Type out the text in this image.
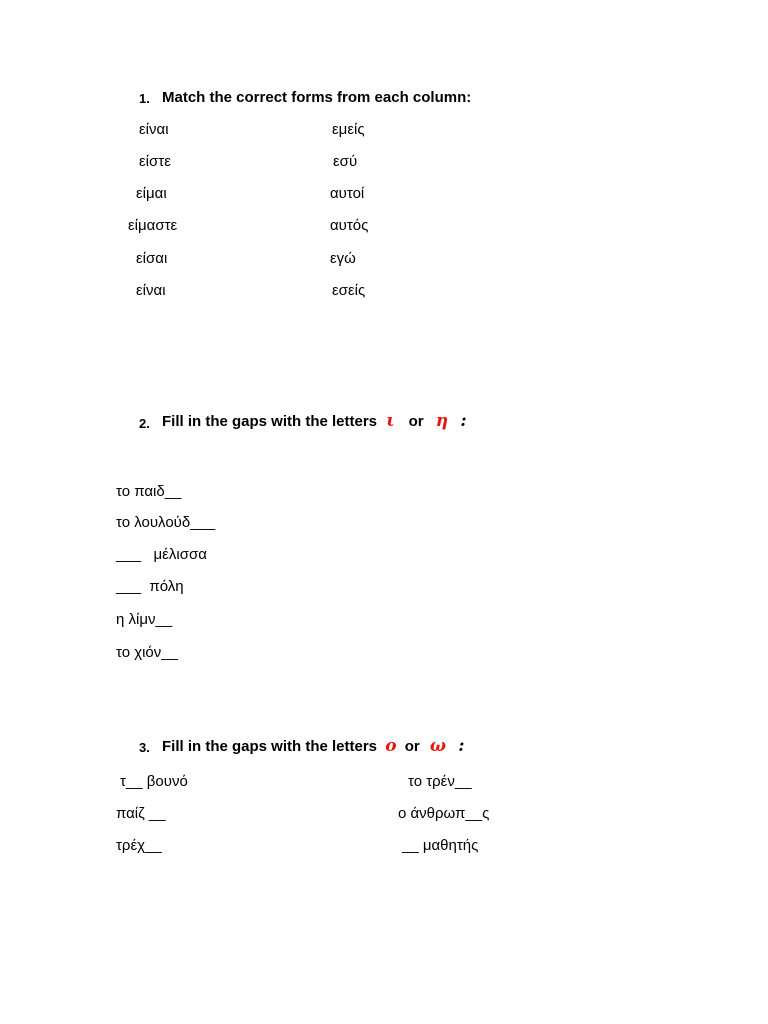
1. Match the correct forms from each column:
είναι
είστε
είμαι
είμαστε
είσαι
είναι
εμείς
εσύ
αυτοί
αυτός
εγώ
εσείς
2. Fill in the gaps with the letters ι or η :
το παιδ__
το λουλούδ___
___   μέλισσα
___  πόλη
η λίμν__
το χιόν__
3. Fill in the gaps with the letters ο or ω :
τ__ βουνό
παίζ __
τρέχ__
το τρέν__
ο άνθρωπ__ς
__ μαθητής
